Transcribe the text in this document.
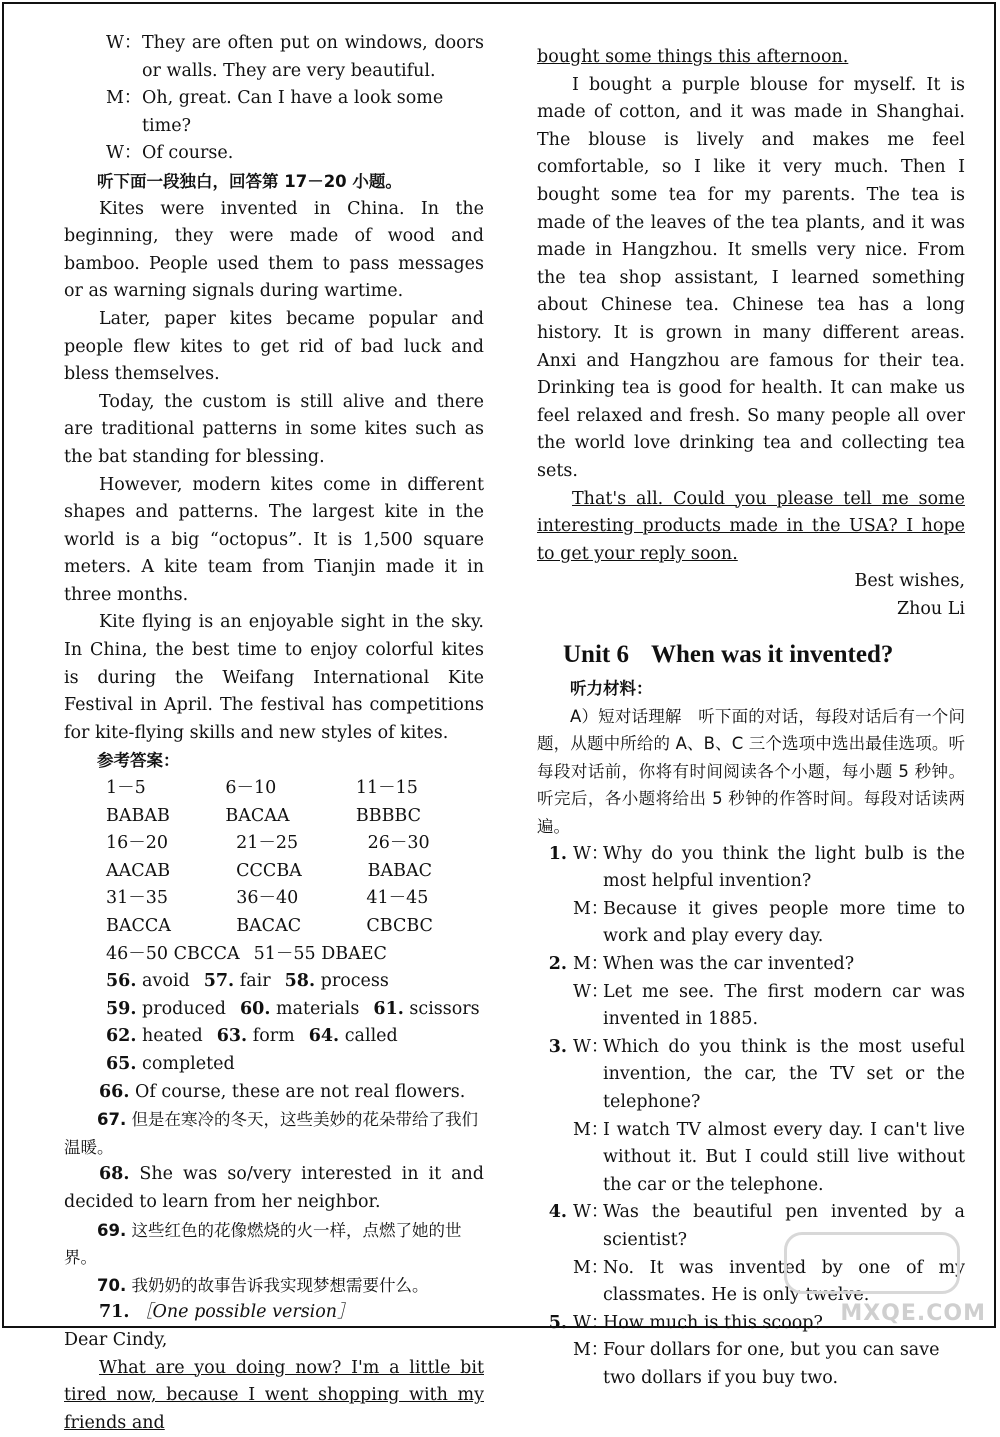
W： They are often put on windows, doors or walls. They are very beautiful.
M： Oh, great. Can I have a look some time?
W： Of course.

听下面一段独白，回答第 17－20 小题。

Kites were invented in China. In the beginning, they were made of wood and bamboo. People used them to pass messages or as warning signals during wartime.

Later, paper kites became popular and people flew kites to get rid of bad luck and bless themselves.

Today, the custom is still alive and there are traditional patterns in some kites such as the bat standing for blessing.

However, modern kites come in different shapes and patterns. The largest kite in the world is a big “octopus”. It is 1,500 square meters. A kite team from Tianjin made it in three months.

Kite flying is an enjoyable sight in the sky. In China, the best time to enjoy colorful kites is during the Weifang International Kite Festival in April. The festival has competitions for kite-flying skills and new styles of kites.

参考答案：

1－5 BABAB
6－10 BACAA
11－15 BBBBC
16－20 AACAB
21－25 CCCBA
26－30 BABAC
31－35 BACCA
36－40 BACAC
41－45 CBCBC
46－50 CBCCA 51－55 DBAEC
56. avoid 57. fair 58. process
59. produced 60. materials 61. scissors
62. heated 63. form 64. called
65. completed

66. Of course, these are not real flowers.

67. 但是在寒冷的冬天，这些美妙的花朵带给了我们温暖。

68. She was so/very interested in it and decided to learn from her neighbor.

69. 这些红色的花像燃烧的火一样，点燃了她的世界。

70. 我奶奶的故事告诉我实现梦想需要什么。

71. ［One possible version］

Dear Cindy,

What are you doing now? I'm a little bit tired now, because I went shopping with my friends and

bought some things this afternoon.

I bought a purple blouse for myself. It is made of cotton, and it was made in Shanghai. The blouse is lively and makes me feel comfortable, so I like it very much. Then I bought some tea for my parents. The tea is made of the leaves of the tea plants, and it was made in Hangzhou. It smells very nice. From the tea shop assistant, I learned something about Chinese tea. Chinese tea has a long history. It is grown in many different areas. Anxi and Hangzhou are famous for their tea. Drinking tea is good for health. It can make us feel relaxed and fresh. So many people all over the world love drinking tea and collecting tea sets.

That's all. Could you please tell me some interesting products made in the USA? I hope to get your reply soon.

Best wishes,

Zhou Li

Unit 6 When was it invented?

听力材料：

A）短对话理解　听下面的对话，每段对话后有一个问题，从题中所给的 A、B、C 三个选项中选出最佳选项。听每段对话前，你将有时间阅读各个小题，每小题 5 秒钟。听完后，各小题将给出 5 秒钟的作答时间。每段对话读两遍。

1. W：
Why do you think the light bulb is the most helpful invention?
M：
Because it gives people more time to work and play every day.
2. M：
When was the car invented?
W：
Let me see. The first modern car was invented in 1885.
3. W：
Which do you think is the most useful invention, the car, the TV set or the telephone?
M：
I watch TV almost every day. I can't live without it. But I could still live without the car or the telephone.
4. W：
Was the beautiful pen invented by a scientist?
M：
No. It was invented by one of my classmates. He is only twelve.
5. W：
How much is this scoop?
M：
Four dollars for one, but you can save two dollars if you buy two.
MXQE.COM
